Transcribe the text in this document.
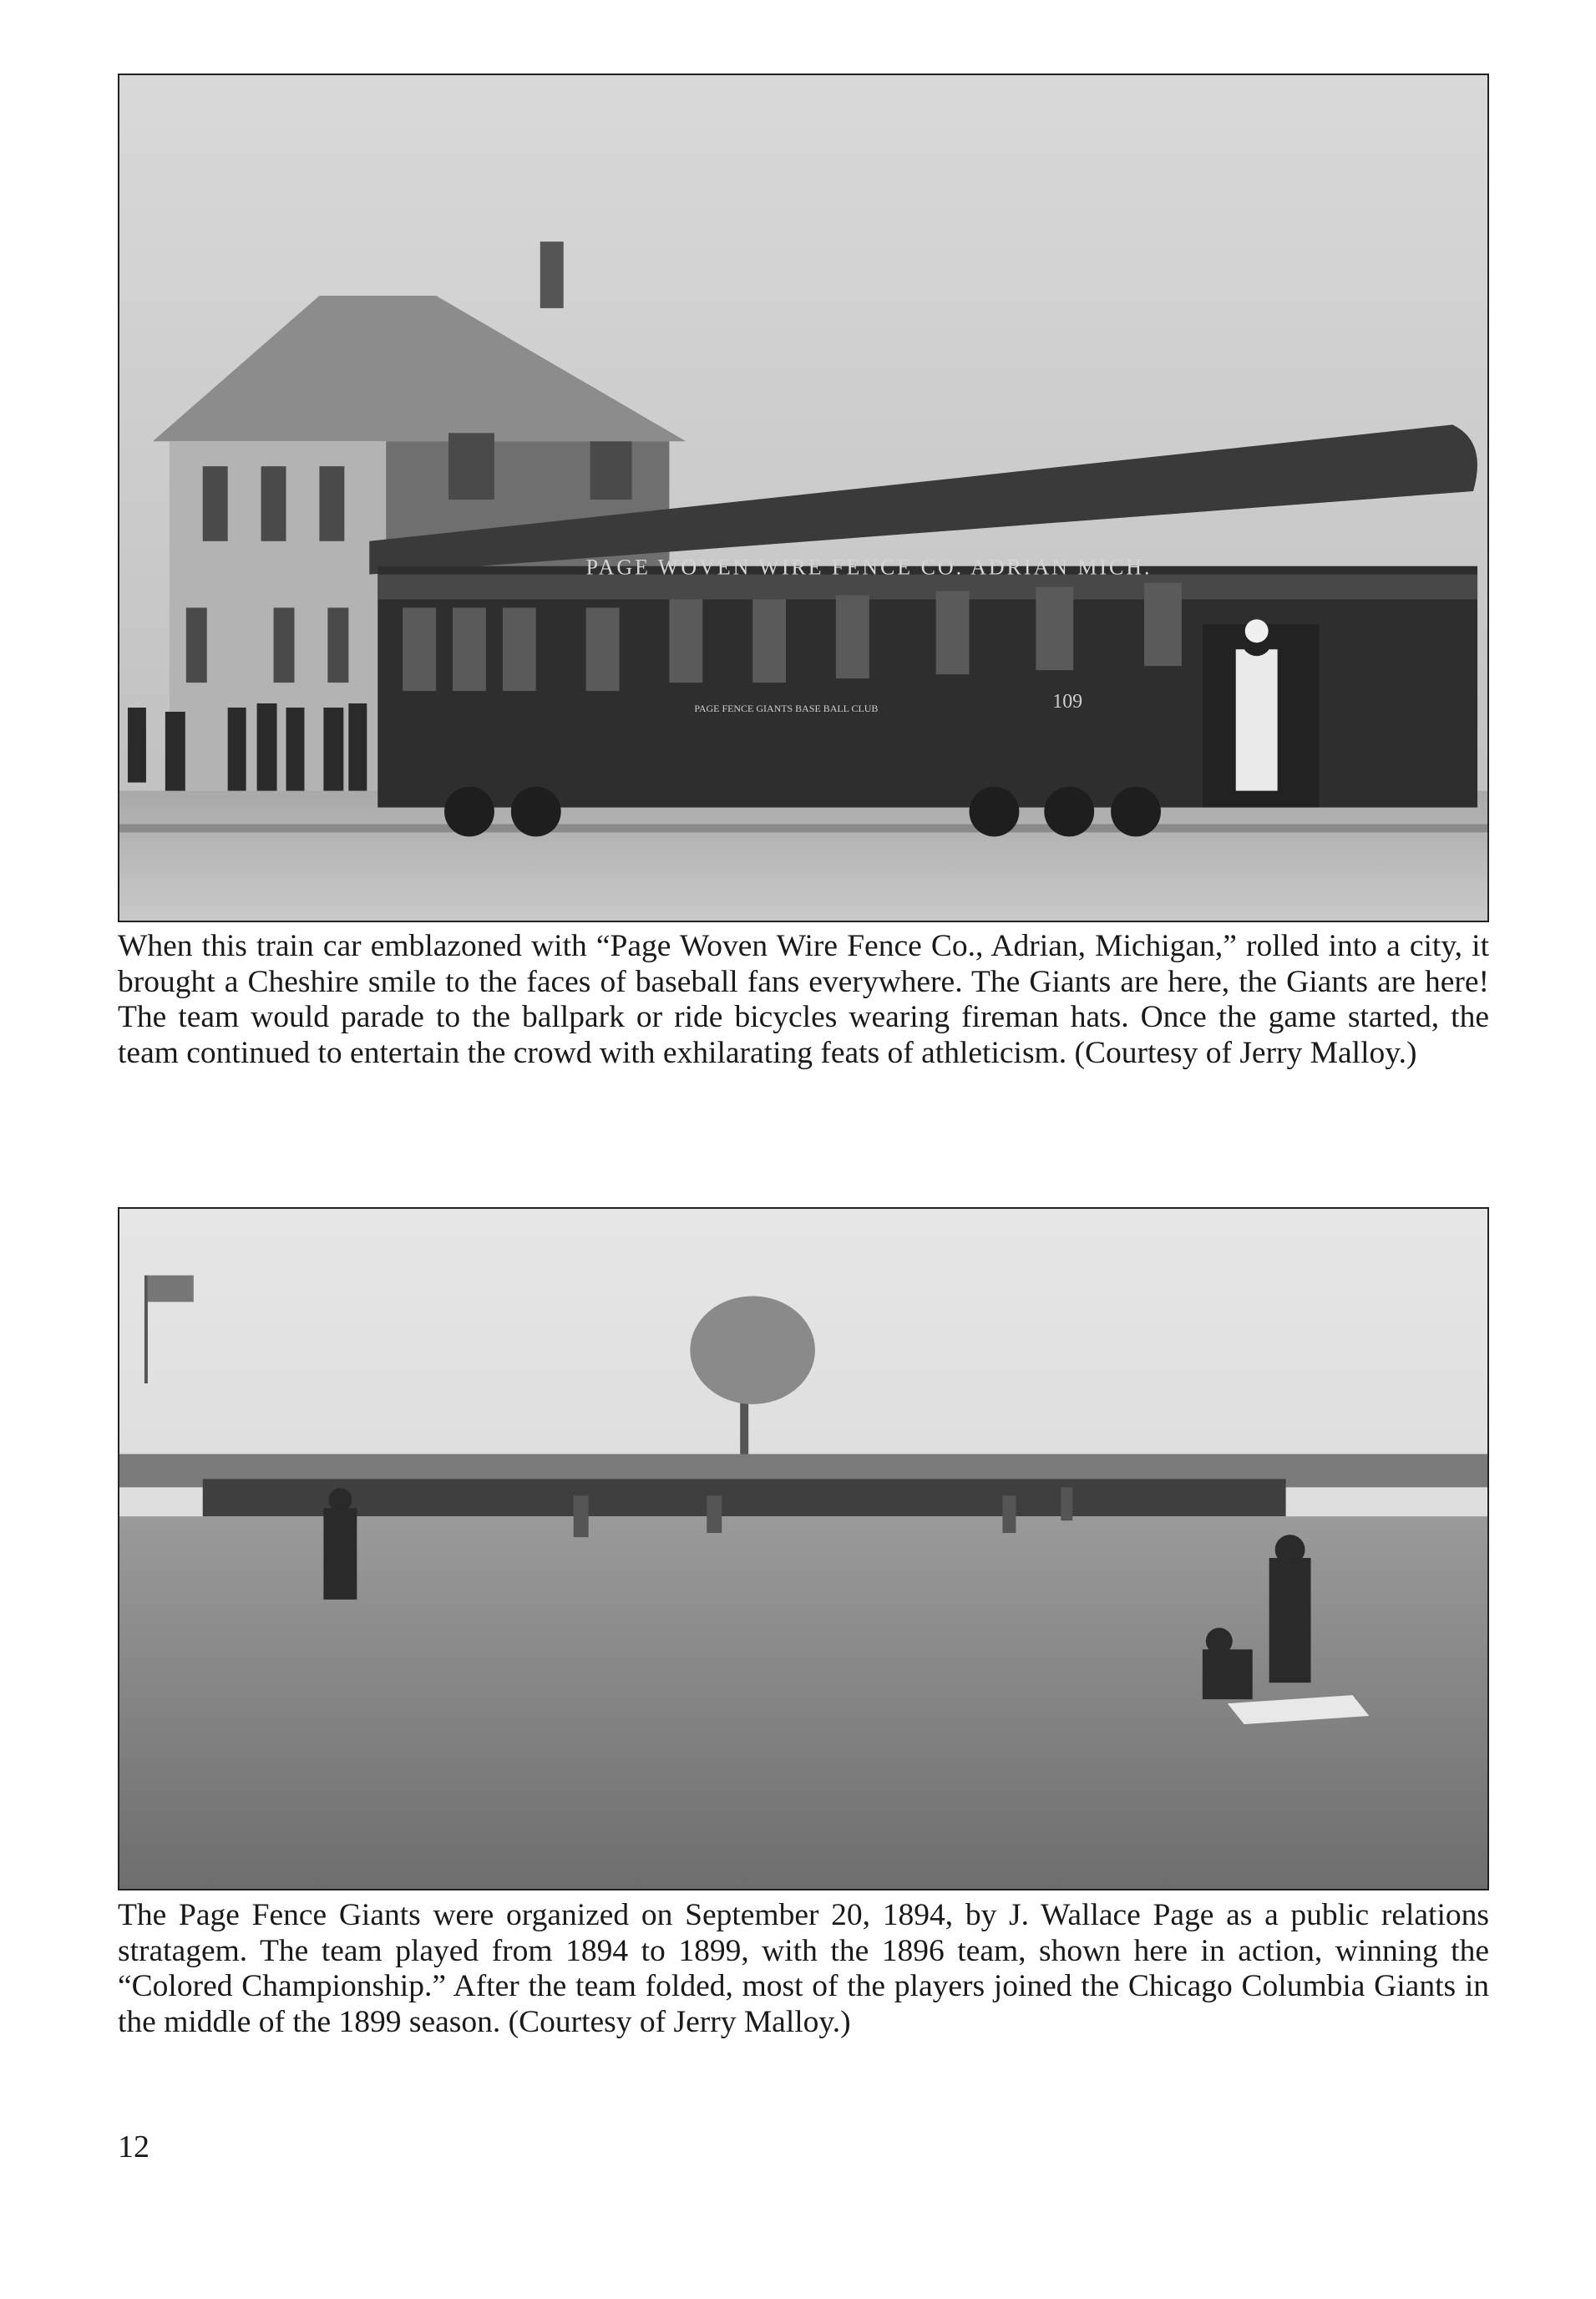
PAGE WOVEN WIRE FENCE CO. ADRIAN MICH.
PAGE FENCE GIANTS BASE BALL CLUB	109

When this train car emblazoned with “Page Woven Wire Fence Co., Adrian, Michigan,” rolled into a city, it brought a Cheshire smile to the faces of baseball fans everywhere. The Giants are here, the Giants are here! The team would parade to the ballpark or ride bicycles wearing fireman hats. Once the game started, the team continued to entertain the crowd with exhilarating feats of athleticism. (Courtesy of Jerry Malloy.)

The Page Fence Giants were organized on September 20, 1894, by J. Wallace Page as a public relations stratagem. The team played from 1894 to 1899, with the 1896 team, shown here in action, winning the “Colored Championship.” After the team folded, most of the players joined the Chicago Columbia Giants in the middle of the 1899 season. (Courtesy of Jerry Malloy.)

12
